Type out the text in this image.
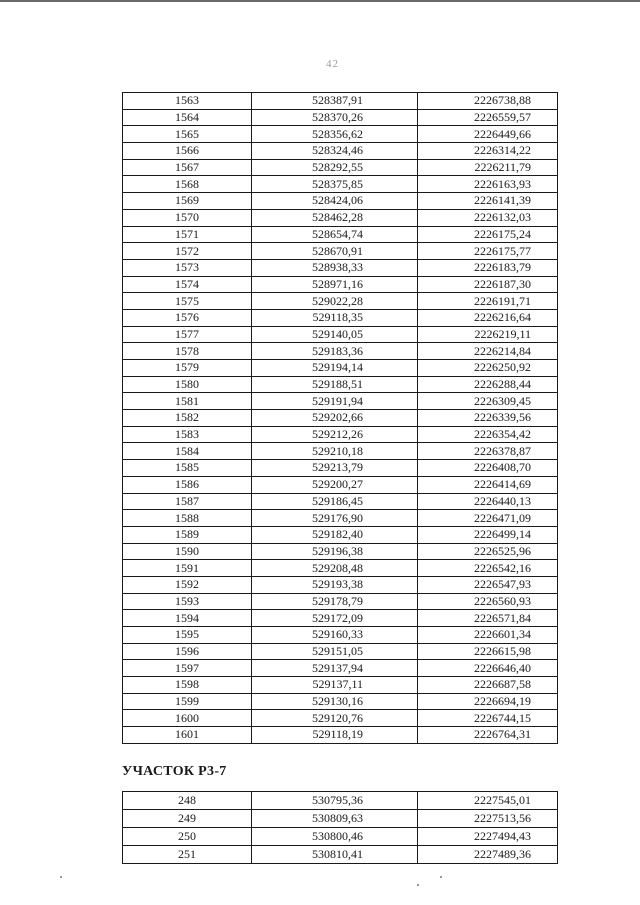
42
1563	528387,91	2226738,88
1564	528370,26	2226559,57
1565	528356,62	2226449,66
1566	528324,46	2226314,22
1567	528292,55	2226211,79
1568	528375,85	2226163,93
1569	528424,06	2226141,39
1570	528462,28	2226132,03
1571	528654,74	2226175,24
1572	528670,91	2226175,77
1573	528938,33	2226183,79
1574	528971,16	2226187,30
1575	529022,28	2226191,71
1576	529118,35	2226216,64
1577	529140,05	2226219,11
1578	529183,36	2226214,84
1579	529194,14	2226250,92
1580	529188,51	2226288,44
1581	529191,94	2226309,45
1582	529202,66	2226339,56
1583	529212,26	2226354,42
1584	529210,18	2226378,87
1585	529213,79	2226408,70
1586	529200,27	2226414,69
1587	529186,45	2226440,13
1588	529176,90	2226471,09
1589	529182,40	2226499,14
1590	529196,38	2226525,96
1591	529208,48	2226542,16
1592	529193,38	2226547,93
1593	529178,79	2226560,93
1594	529172,09	2226571,84
1595	529160,33	2226601,34
1596	529151,05	2226615,98
1597	529137,94	2226646,40
1598	529137,11	2226687,58
1599	529130,16	2226694,19
1600	529120,76	2226744,15
1601	529118,19	2226764,31
УЧАСТОК Р3-7
248	530795,36	2227545,01
249	530809,63	2227513,56
250	530800,46	2227494,43
251	530810,41	2227489,36
